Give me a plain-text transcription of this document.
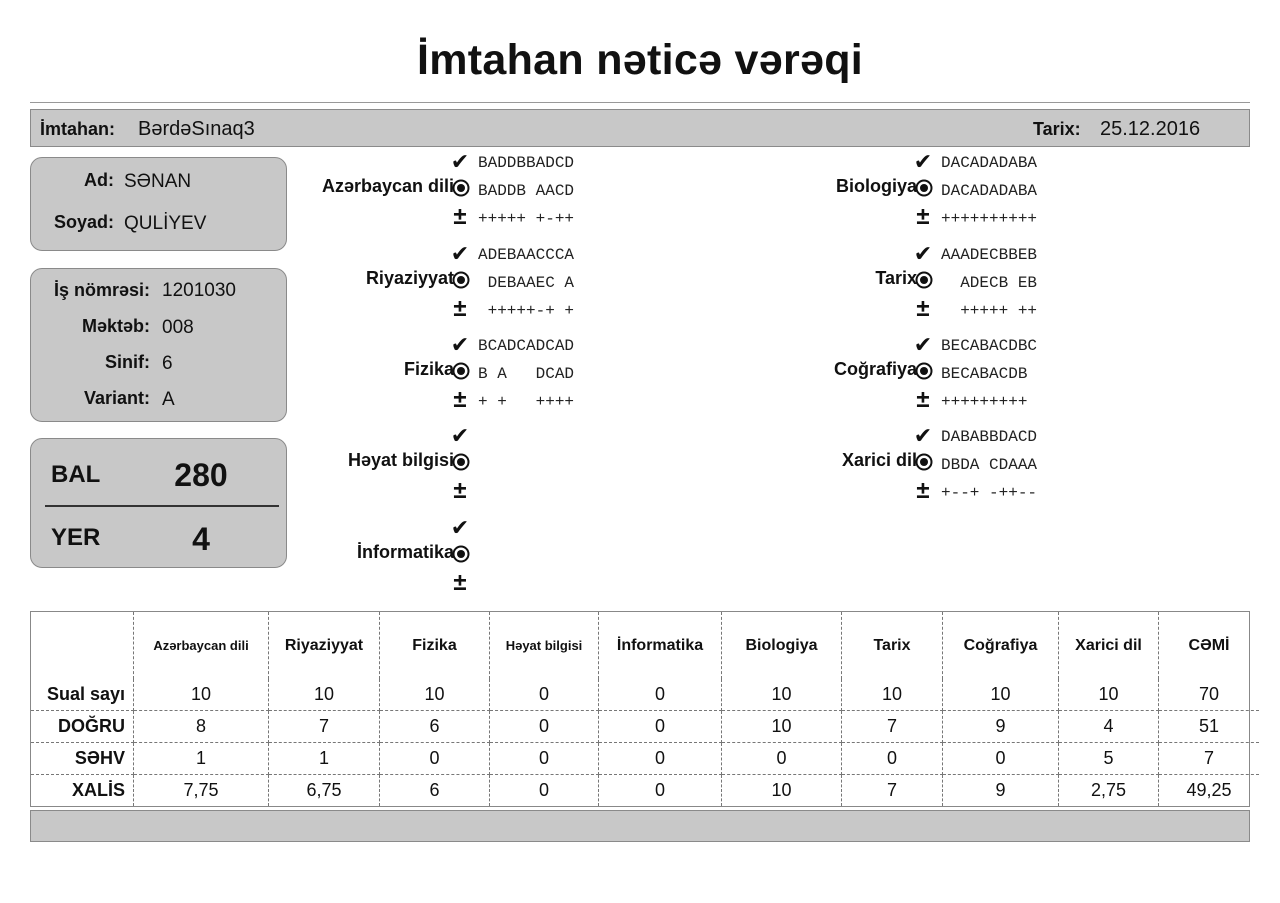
İmtahan nəticə vərəqi
İmtahan: BərdəSınaq3	Tarix: 25.12.2016
Ad: SƏNAN
Soyad: QULİYEV
İş nömrəsi: 1201030
Məktəb: 008
Sinif: 6
Variant: A
BAL	280
YER	4
Azərbaycan dili
✔
±
BADDBBADCD
BADDB AACD
+++++ +-++
Riyaziyyat
✔
±
ADEBAACCCA
DEBAAEC A
+++++-+ +
Fizika
✔
±
BCADCADCAD
B A   DCAD
+ +   ++++
Həyat bilgisi
✔
±
İnformatika
✔
±
Biologiya
✔
±
DACADADABA
DACADADABA
++++++++++
Tarix
✔
±
AAADECBBEB
ADECB EB
+++++ ++
Coğrafiya
✔
±
BECABACDBC
BECABACDB
+++++++++
Xarici dil
✔
±
DABABBDACD
DBDA CDAAA
+--+ -++--
	Azərbaycan dili	Riyaziyyat	Fizika	Həyat bilgisi	İnformatika	Biologiya	Tarix	Coğrafiya	Xarici dil	CƏMİ
Sual sayı	10	10	10	0	0	10	10	10	10	70
DOĞRU	8	7	6	0	0	10	7	9	4	51
SƏHV	1	1	0	0	0	0	0	0	5	7
XALİS	7,75	6,75	6	0	0	10	7	9	2,75	49,25
